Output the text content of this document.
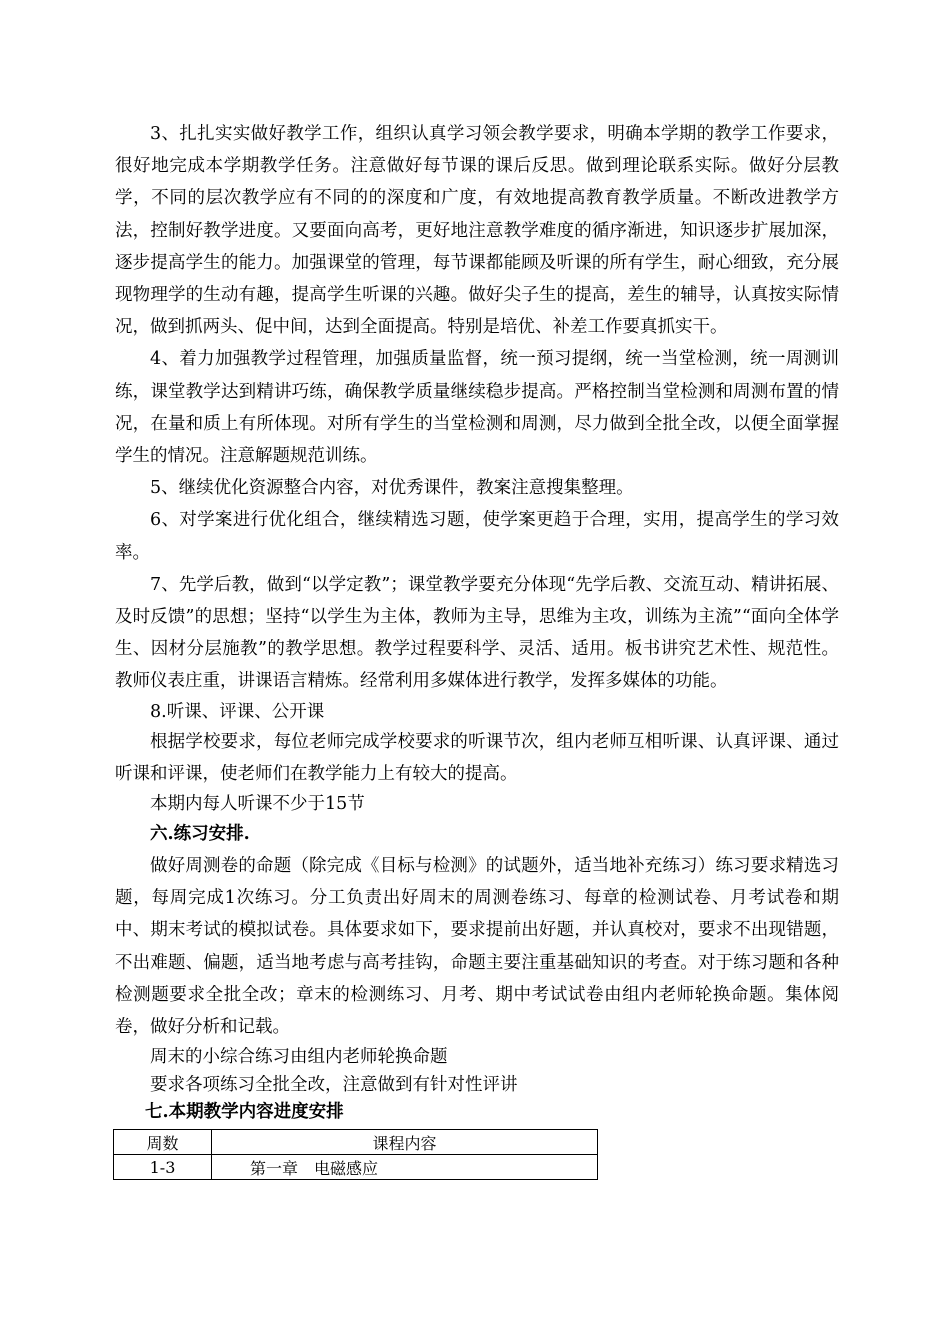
3、扎扎实实做好教学工作，组织认真学习领会教学要求，明确本学期的教学工作要求，很好地完成本学期教学任务。注意做好每节课的课后反思。做到理论联系实际。做好分层教学，不同的层次教学应有不同的的深度和广度，有效地提高教育教学质量。不断改进教学方法，控制好教学进度。又要面向高考，更好地注意教学难度的循序渐进，知识逐步扩展加深，逐步提高学生的能力。加强课堂的管理，每节课都能顾及听课的所有学生，耐心细致，充分展现物理学的生动有趣，提高学生听课的兴趣。做好尖子生的提高，差生的辅导，认真按实际情况，做到抓两头、促中间，达到全面提高。特别是培优、补差工作要真抓实干。

4、着力加强教学过程管理，加强质量监督，统一预习提纲，统一当堂检测，统一周测训练，课堂教学达到精讲巧练，确保教学质量继续稳步提高。严格控制当堂检测和周测布置的情况，在量和质上有所体现。对所有学生的当堂检测和周测，尽力做到全批全改，以便全面掌握学生的情况。注意解题规范训练。

5、继续优化资源整合内容，对优秀课件，教案注意搜集整理。

6、对学案进行优化组合，继续精选习题，使学案更趋于合理，实用，提高学生的学习效率。

7、先学后教，做到“以学定教”；课堂教学要充分体现“先学后教、交流互动、精讲拓展、及时反馈”的思想；坚持“以学生为主体，教师为主导，思维为主攻，训练为主流”“面向全体学生、因材分层施教”的教学思想。教学过程要科学、灵活、适用。板书讲究艺术性、规范性。教师仪表庄重，讲课语言精炼。经常利用多媒体进行教学，发挥多媒体的功能。

8.听课、评课、公开课

根据学校要求，每位老师完成学校要求的听课节次，组内老师互相听课、认真评课、通过听课和评课，使老师们在教学能力上有较大的提高。

本期内每人听课不少于15节

六.练习安排.

做好周测卷的命题（除完成《目标与检测》的试题外，适当地补充练习）练习要求精选习题，每周完成1次练习。分工负责出好周末的周测卷练习、每章的检测试卷、月考试卷和期中、期末考试的模拟试卷。具体要求如下，要求提前出好题，并认真校对，要求不出现错题，不出难题、偏题，适当地考虑与高考挂钩，命题主要注重基础知识的考查。对于练习题和各种检测题要求全批全改；章末的检测练习、月考、期中考试试卷由组内老师轮换命题。集体阅卷，做好分析和记载。

周末的小综合练习由组内老师轮换命题

要求各项练习全批全改，注意做到有针对性评讲

七.本期教学内容进度安排

周数	课程内容
1-3	第一章　电磁感应
